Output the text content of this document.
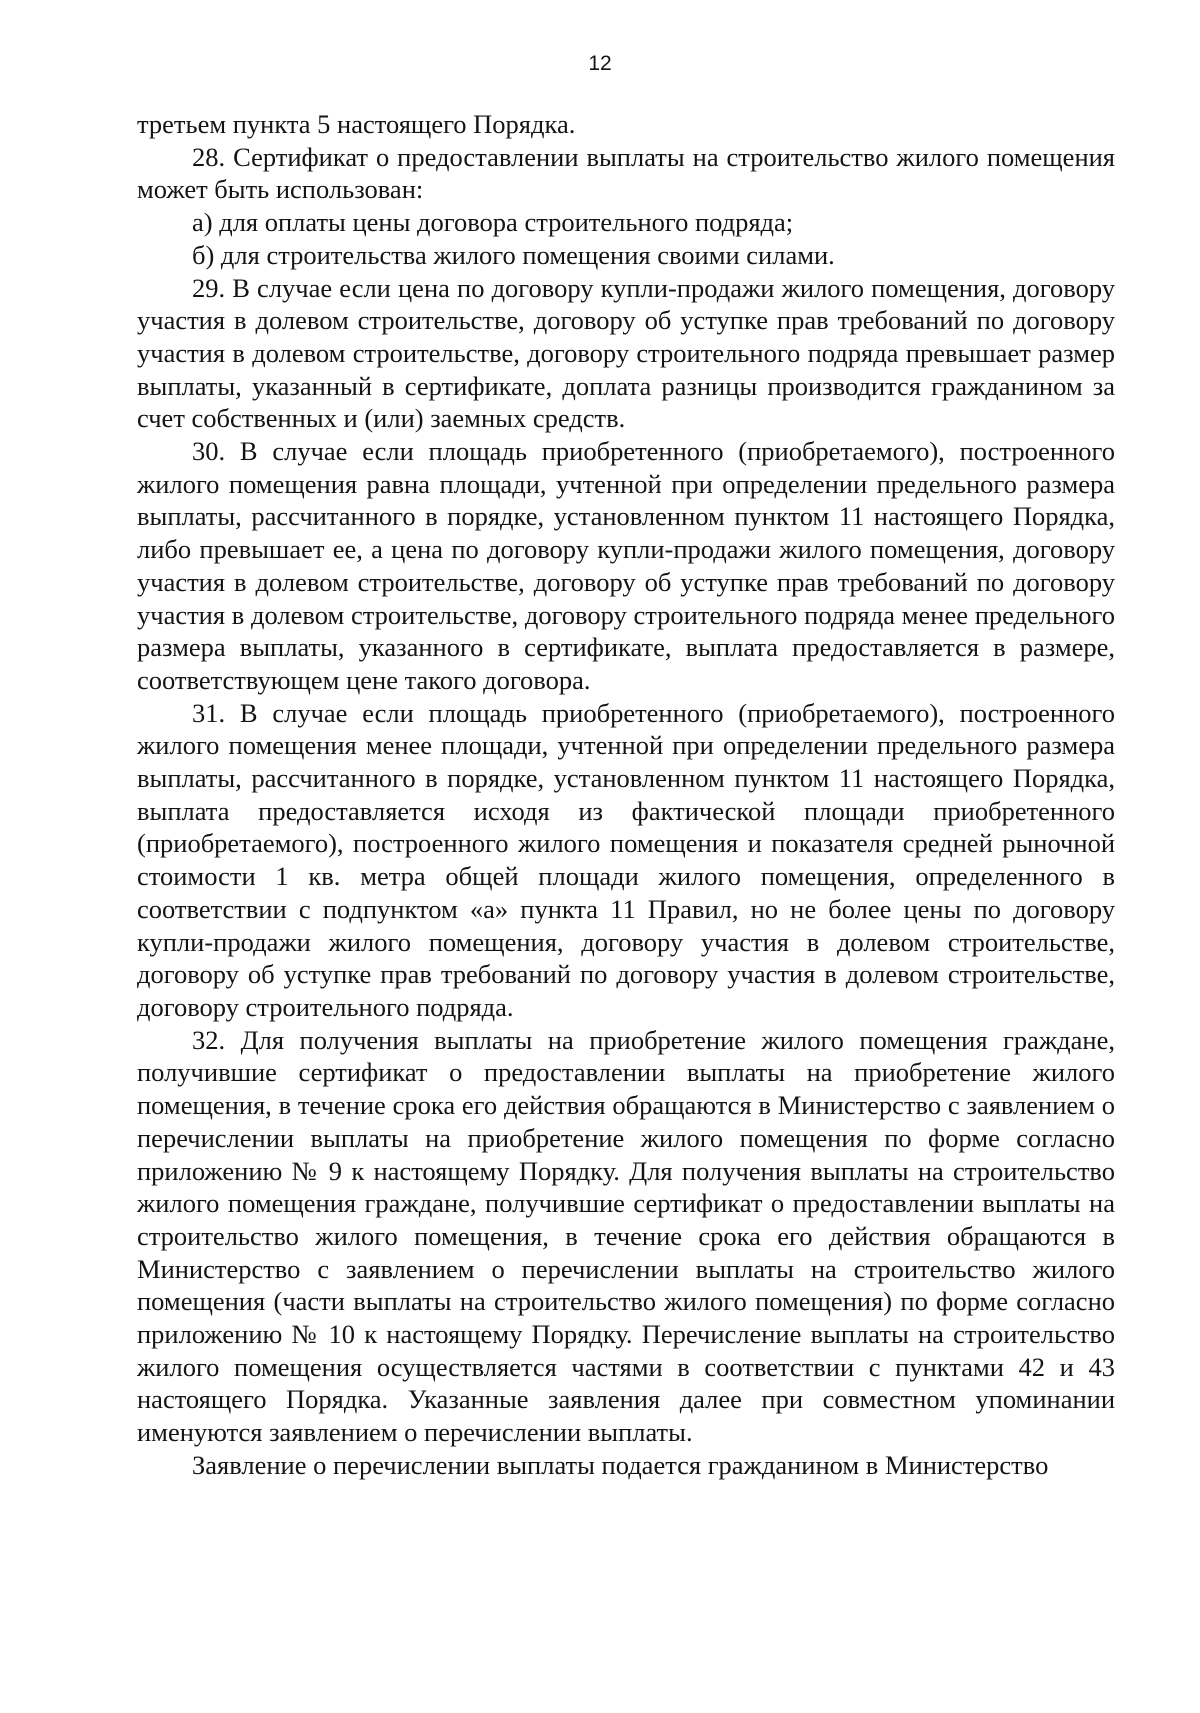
12

третьем пункта 5 настоящего Порядка.

28. Сертификат о предоставлении выплаты на строительство жилого помещения может быть использован:

а) для оплаты цены договора строительного подряда;

б) для строительства жилого помещения своими силами.

29. В случае если цена по договору купли-продажи жилого помещения, договору участия в долевом строительстве, договору об уступке прав требований по договору участия в долевом строительстве, договору строительного подряда превышает размер выплаты, указанный в сертификате, доплата разницы производится гражданином за счет собственных и (или) заемных средств.

30. В случае если площадь приобретенного (приобретаемого), построенного жилого помещения равна площади, учтенной при определении предельного размера выплаты, рассчитанного в порядке, установленном пунктом 11 настоящего Порядка, либо превышает ее, а цена по договору купли-продажи жилого помещения, договору участия в долевом строительстве, договору об уступке прав требований по договору участия в долевом строительстве, договору строительного подряда менее предельного размера выплаты, указанного в сертификате, выплата предоставляется в размере, соответствующем цене такого договора.

31. В случае если площадь приобретенного (приобретаемого), построенного жилого помещения менее площади, учтенной при определении предельного размера выплаты, рассчитанного в порядке, установленном пунктом 11 настоящего Порядка, выплата предоставляется исходя из фактической площади приобретенного (приобретаемого), построенного жилого помещения и показателя средней рыночной стоимости 1 кв. метра общей площади жилого помещения, определенного в соответствии с подпунктом «а» пункта 11 Правил, но не более цены по договору купли-продажи жилого помещения, договору участия в долевом строительстве, договору об уступке прав требований по договору участия в долевом строительстве, договору строительного подряда.

32. Для получения выплаты на приобретение жилого помещения граждане, получившие сертификат о предоставлении выплаты на приобретение жилого помещения, в течение срока его действия обращаются в Министерство с заявлением о перечислении выплаты на приобретение жилого помещения по форме согласно приложению № 9 к настоящему Порядку. Для получения выплаты на строительство жилого помещения граждане, получившие сертификат о предоставлении выплаты на строительство жилого помещения, в течение срока его действия обращаются в Министерство с заявлением о перечислении выплаты на строительство жилого помещения (части выплаты на строительство жилого помещения) по форме согласно приложению № 10 к настоящему Порядку. Перечисление выплаты на строительство жилого помещения осуществляется частями в соответствии с пунктами 42 и 43 настоящего Порядка. Указанные заявления далее при совместном упоминании именуются заявлением о перечислении выплаты.

Заявление о перечислении выплаты подается гражданином в Министерство
